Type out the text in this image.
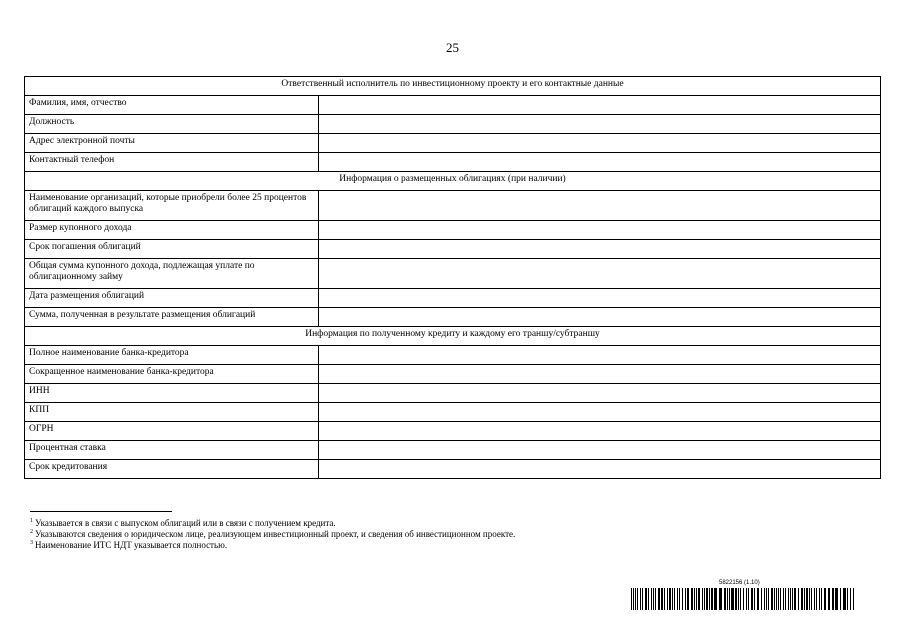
25
Ответственный исполнитель по инвестиционному проекту и его контактные данные	
Фамилия, имя, отчество	
Должность	
Адрес электронной почты	
Контактный телефон	
Информация о размещенных облигациях (при наличии)	
Наименование организаций, которые приобрели более 25 процентов облигаций каждого выпуска	
Размер купонного дохода	
Срок погашения облигаций	
Общая сумма купонного дохода, подлежащая уплате по облигационному займу	
Дата размещения облигаций	
Сумма, полученная в результате размещения облигаций	
Информация по полученному кредиту и каждому его траншу/субтраншу	
Полное наименование банка-кредитора	
Сокращенное наименование банка-кредитора	
ИНН	
КПП	
ОГРН	
Процентная ставка	
Срок кредитования	
$^1$ Указывается в связи с выпуском облигаций или в связи с получением кредита.
$^2$ Указываются сведения о юридическом лице, реализующем инвестиционный проект, и сведения об инвестиционном проекте.
$^3$ Наименование ИТС НДТ указывается полностью.
5822156 (1.10)
